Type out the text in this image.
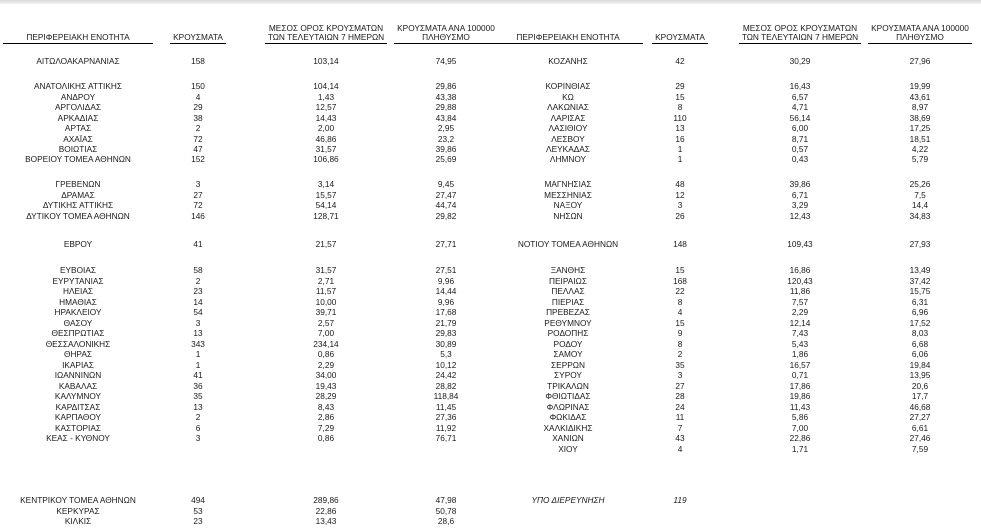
ΠΕΡΙΦΕΡΕΙΑΚΗ ΕΝΟΤΗΤΑ	ΚΡΟΥΣΜΑΤΑ
ΜΕΣΟΣ ΟΡΟΣ ΚΡΟΥΣΜΑΤΩΝ
ΤΩΝ ΤΕΛΕΥΤΑΙΩΝ 7 ΗΜΕΡΩΝ
ΚΡΟΥΣΜΑΤΑ ΑΝΑ 100000
ΠΛΗΘΥΣΜΟ
ΑΙΤΩΛΟΑΚΑΡΝΑΝΙΑΣ	158	103,14	74,95
ΑΝΑΤΟΛΙΚΗΣ ΑΤΤΙΚΗΣ	150	104,14	29,86
ΑΝΔΡΟΥ	4	1,43	43,38
ΑΡΓΟΛΙΔΑΣ	29	12,57	29,88
ΑΡΚΑΔΙΑΣ	38	14,43	43,84
ΑΡΤΑΣ	2	2,00	2,95
ΑΧΑΪΑΣ	72	46,86	23,2
ΒΟΙΩΤΙΑΣ	47	31,57	39,86
ΒΟΡΕΙΟΥ ΤΟΜΕΑ ΑΘΗΝΩΝ	152	106,86	25,69
ΓΡΕΒΕΝΩΝ	3	3,14	9,45
ΔΡΑΜΑΣ	27	15,57	27,47
ΔΥΤΙΚΗΣ ΑΤΤΙΚΗΣ	72	54,14	44,74
ΔΥΤΙΚΟΥ ΤΟΜΕΑ ΑΘΗΝΩΝ	146	128,71	29,82
ΕΒΡΟΥ	41	21,57	27,71
ΕΥΒΟΙΑΣ	58	31,57	27,51
ΕΥΡΥΤΑΝΙΑΣ	2	2,71	9,96
ΗΛΕΙΑΣ	23	11,57	14,44
ΗΜΑΘΙΑΣ	14	10,00	9,96
ΗΡΑΚΛΕΙΟΥ	54	39,71	17,68
ΘΑΣΟΥ	3	2,57	21,79
ΘΕΣΠΡΩΤΙΑΣ	13	7,00	29,83
ΘΕΣΣΑΛΟΝΙΚΗΣ	343	234,14	30,89
ΘΗΡΑΣ	1	0,86	5,3
ΙΚΑΡΙΑΣ	1	2,29	10,12
ΙΩΑΝΝΙΝΩΝ	41	34,00	24,42
ΚΑΒΑΛΑΣ	36	19,43	28,82
ΚΑΛΥΜΝΟΥ	35	28,29	118,84
ΚΑΡΔΙΤΣΑΣ	13	8,43	11,45
ΚΑΡΠΑΘΟΥ	2	2,86	27,36
ΚΑΣΤΟΡΙΑΣ	6	7,29	11,92
ΚΕΑΣ - ΚΥΘΝΟΥ	3	0,86	76,71
ΚΕΝΤΡΙΚΟΥ ΤΟΜΕΑ ΑΘΗΝΩΝ	494	289,86	47,98
ΚΕΡΚΥΡΑΣ	53	22,86	50,78
ΚΙΛΚΙΣ	23	13,43	28,6
ΠΕΡΙΦΕΡΕΙΑΚΗ ΕΝΟΤΗΤΑ	ΚΡΟΥΣΜΑΤΑ
ΜΕΣΟΣ ΟΡΟΣ ΚΡΟΥΣΜΑΤΩΝ
ΤΩΝ ΤΕΛΕΥΤΑΙΩΝ 7 ΗΜΕΡΩΝ
ΚΡΟΥΣΜΑΤΑ ΑΝΑ 100000
ΠΛΗΘΥΣΜΟ
ΚΟΖΑΝΗΣ	42	30,29	27,96
ΚΟΡΙΝΘΙΑΣ	29	16,43	19,99
ΚΩ	15	6,57	43,61
ΛΑΚΩΝΙΑΣ	8	4,71	8,97
ΛΑΡΙΣΑΣ	110	56,14	38,69
ΛΑΣΙΘΙΟΥ	13	6,00	17,25
ΛΕΣΒΟΥ	16	8,71	18,51
ΛΕΥΚΑΔΑΣ	1	0,57	4,22
ΛΗΜΝΟΥ	1	0,43	5,79
ΜΑΓΝΗΣΙΑΣ	48	39,86	25,26
ΜΕΣΣΗΝΙΑΣ	12	6,71	7,5
ΝΑΞΟΥ	3	3,29	14,4
ΝΗΣΩΝ	26	12,43	34,83
ΝΟΤΙΟΥ ΤΟΜΕΑ ΑΘΗΝΩΝ	148	109,43	27,93
ΞΑΝΘΗΣ	15	16,86	13,49
ΠΕΙΡΑΙΩΣ	168	120,43	37,42
ΠΕΛΛΑΣ	22	11,86	15,75
ΠΙΕΡΙΑΣ	8	7,57	6,31
ΠΡΕΒΕΖΑΣ	4	2,29	6,96
ΡΕΘΥΜΝΟΥ	15	12,14	17,52
ΡΟΔΟΠΗΣ	9	7,43	8,03
ΡΟΔΟΥ	8	5,43	6,68
ΣΑΜΟΥ	2	1,86	6,06
ΣΕΡΡΩΝ	35	16,57	19,84
ΣΥΡΟΥ	3	0,71	13,95
ΤΡΙΚΑΛΩΝ	27	17,86	20,6
ΦΘΙΩΤΙΔΑΣ	28	19,86	17,7
ΦΛΩΡΙΝΑΣ	24	11,43	46,68
ΦΩΚΙΔΑΣ	11	5,86	27,27
ΧΑΛΚΙΔΙΚΗΣ	7	7,00	6,61
ΧΑΝΙΩΝ	43	22,86	27,46
ΧΙΟΥ	4	1,71	7,59
ΥΠΟ ΔΙΕΡΕΥΝΗΣΗ	119
